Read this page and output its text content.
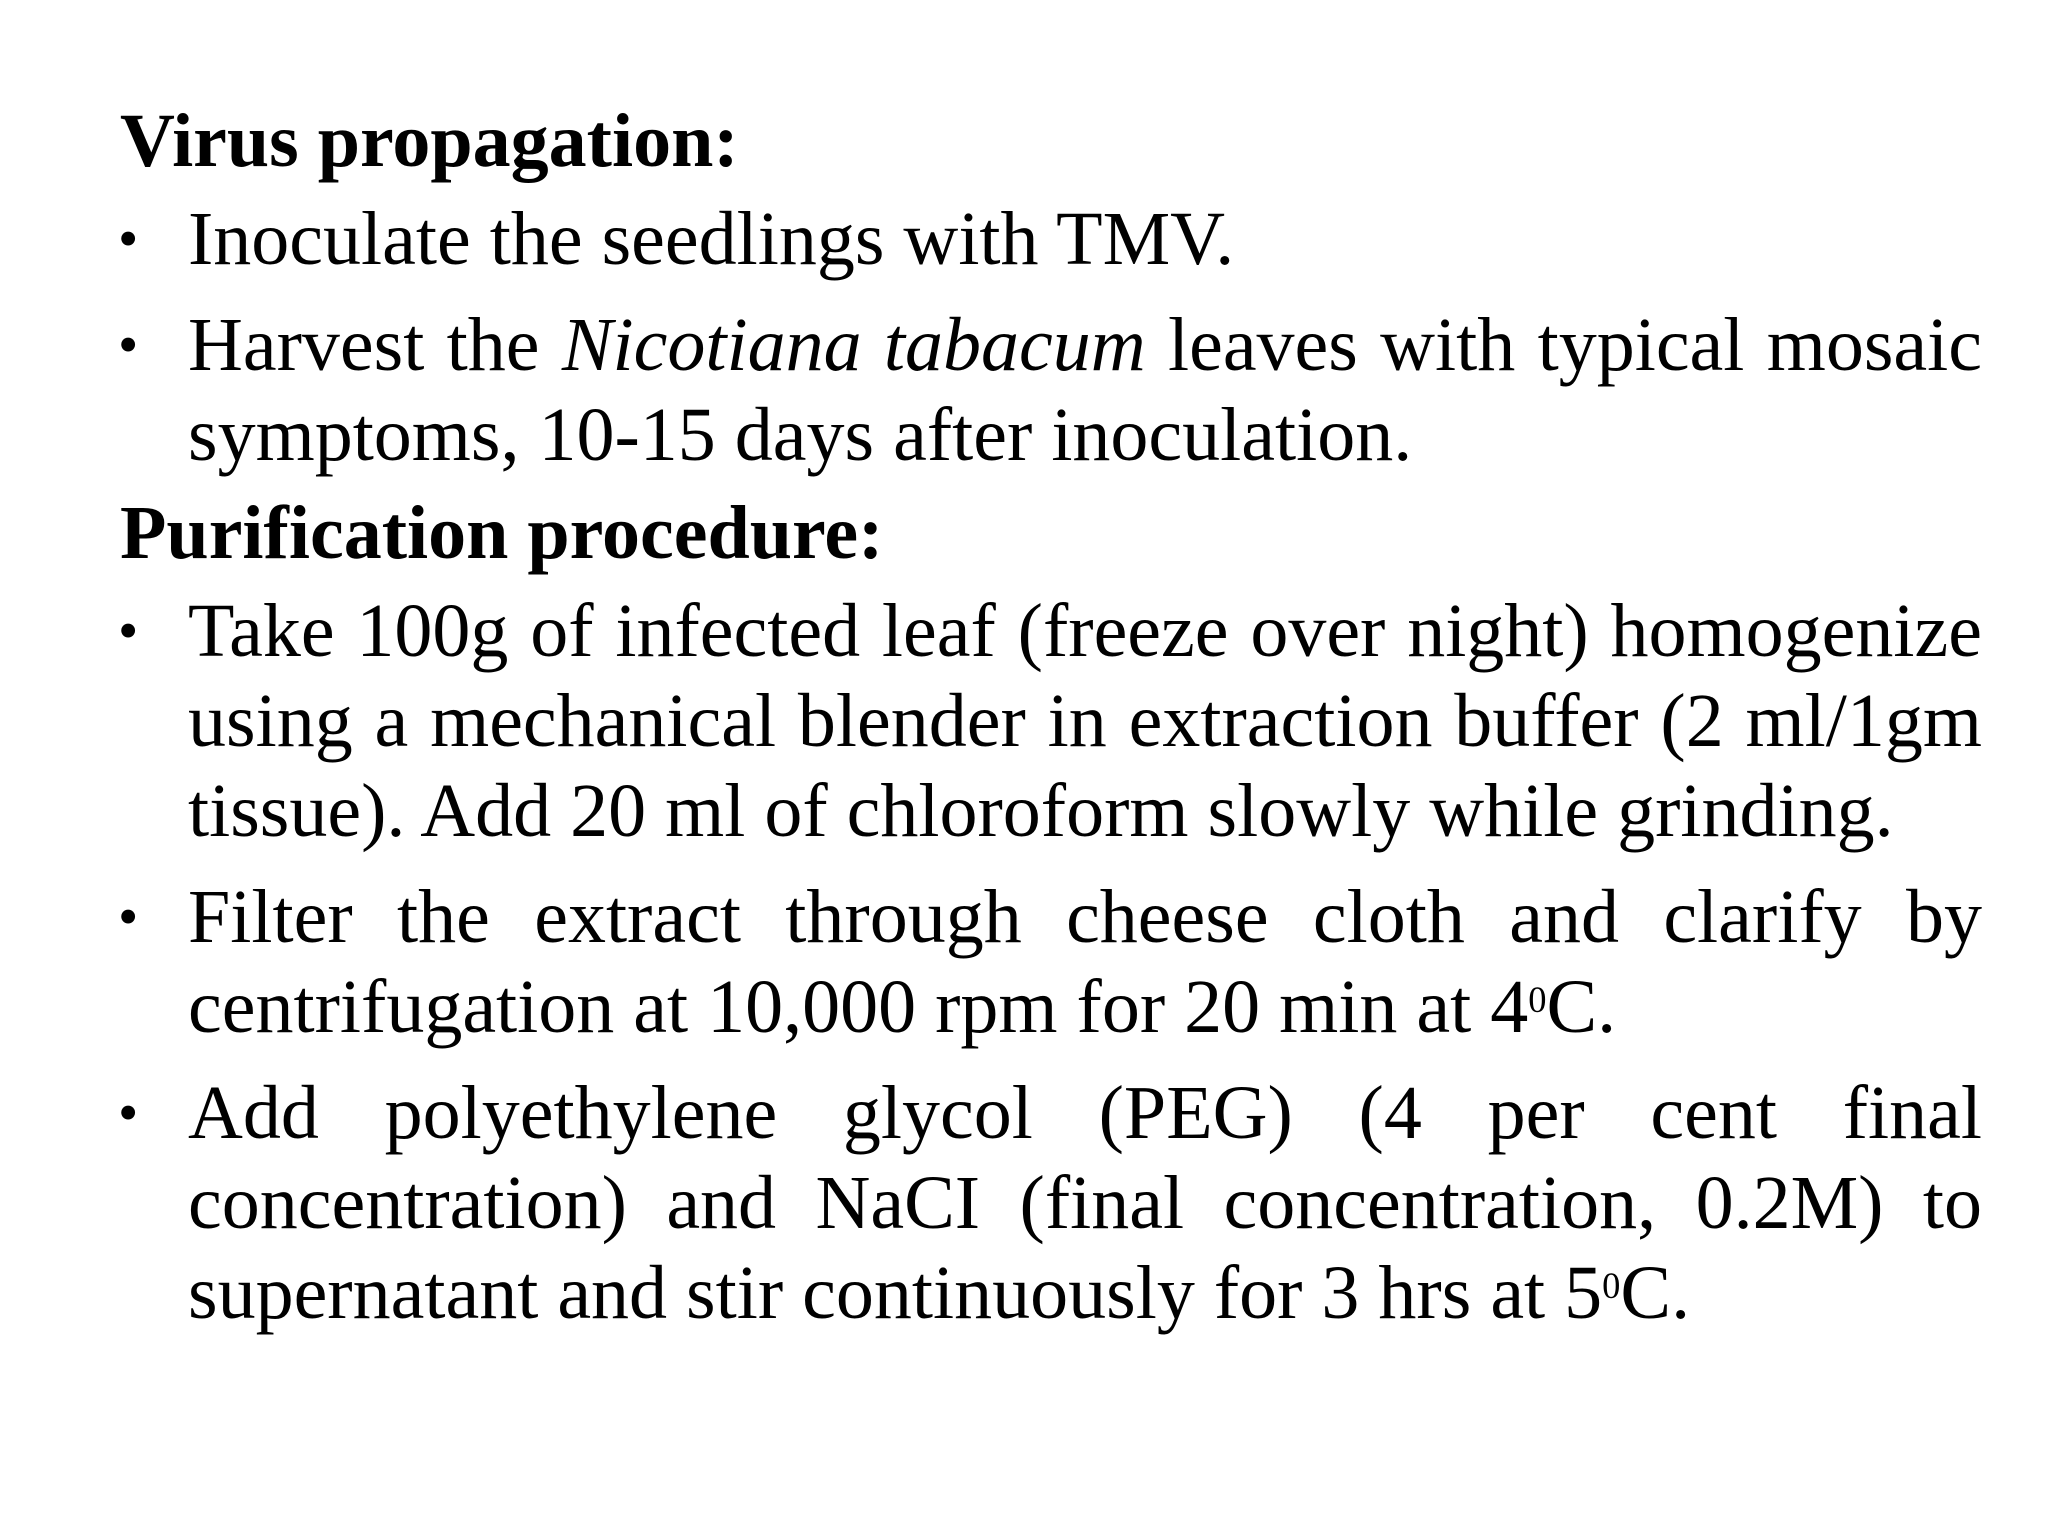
Virus propagation:
• Inoculate the seedlings with TMV.
• Harvest the Nicotiana tabacum leaves with typical mosaic symptoms, 10-15 days after inoculation.
Purification procedure:
• Take 100g of infected leaf (freeze over night) homogenize using a mechanical blender in extraction buffer (2 ml/1gm tissue). Add 20 ml of chloroform slowly while grinding.
• Filter the extract through cheese cloth and clarify by centrifugation at 10,000 rpm for 20 min at $4^0C$.
• Add polyethylene glycol (PEG) (4 per cent final concentration) and NaCI (final concentration, 0.2M) to supernatant and stir continuously for 3 hrs at $5^0C$.
